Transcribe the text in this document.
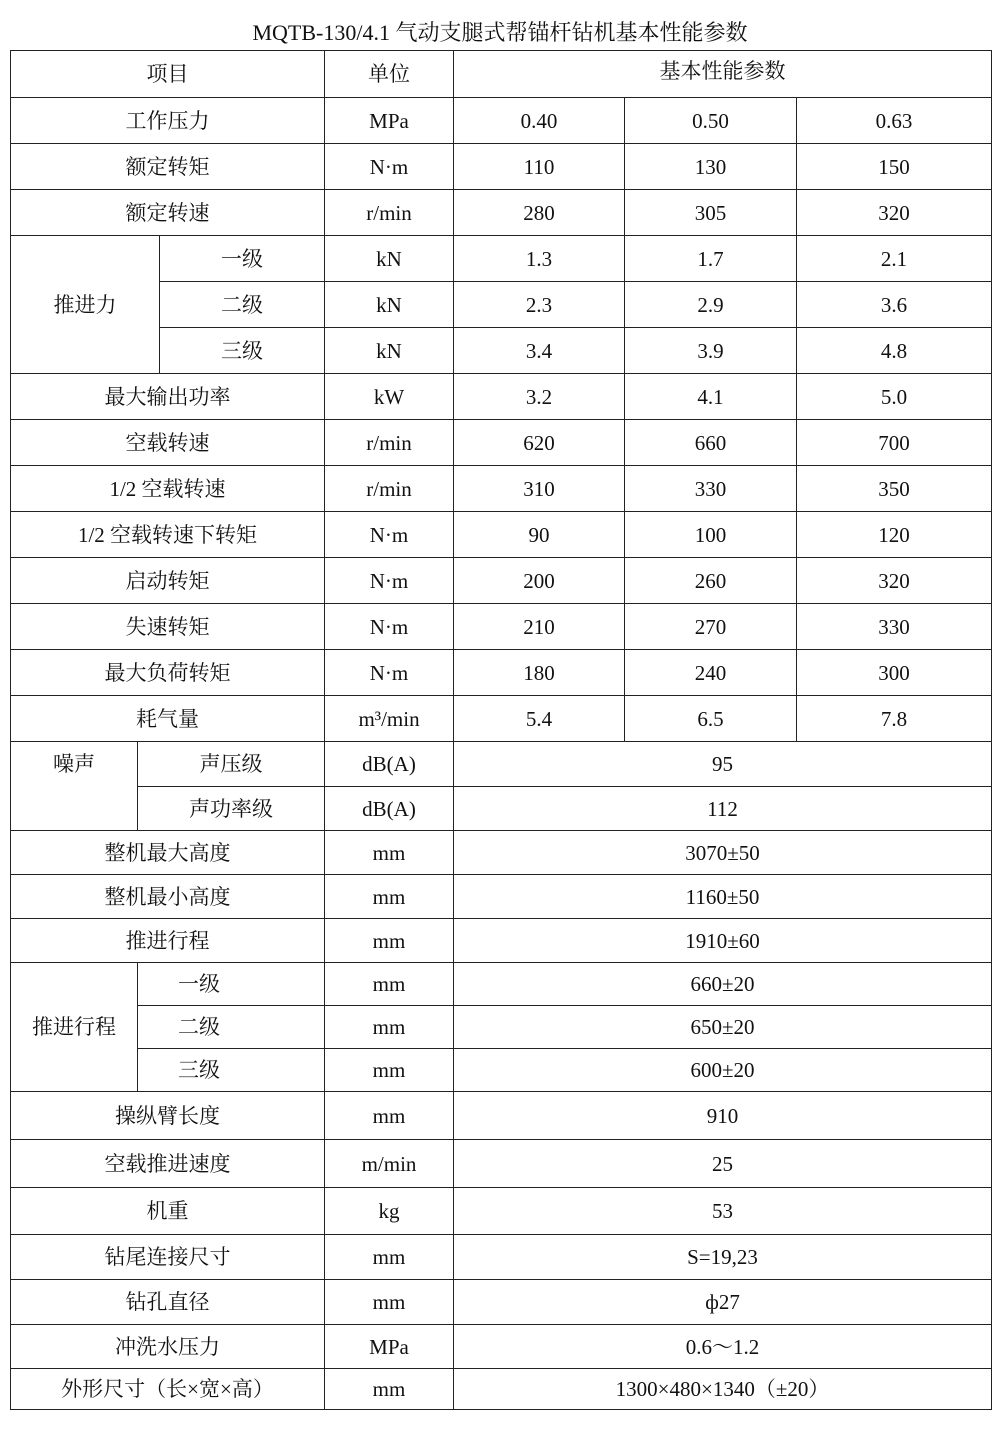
MQTB-130/4.1 气动支腿式帮锚杆钻机基本性能参数
项目			单位	基本性能参数		
工作压力			MPa	0.40	0.50	0.63
额定转矩			N·m	110	130	150
额定转速			r/min	280	305	320
推进力		一级	kN	1.3	1.7	2.1
		二级	kN	2.3	2.9	3.6
		三级	kN	3.4	3.9	4.8
最大输出功率			kW	3.2	4.1	5.0
空载转速			r/min	620	660	700
1/2 空载转速			r/min	310	330	350
1/2 空载转速下转矩			N·m	90	100	120
启动转矩			N·m	200	260	320
失速转矩			N·m	210	270	330
最大负荷转矩			N·m	180	240	300
耗气量			m³/min	5.4	6.5	7.8
噪声	声压级		dB(A)	95		
	声功率级		dB(A)	112		
整机最大高度			mm	3070±50		
整机最小高度			mm	1160±50		
推进行程			mm	1910±60		
推进行程	一级		mm	660±20		
	二级		mm	650±20		
	三级		mm	600±20		
操纵臂长度			mm	910		
空载推进速度			m/min	25		
机重			kg	53		
钻尾连接尺寸			mm	S=19,23		
钻孔直径			mm	ф27		
冲洗水压力			MPa	0.6～1.2		
外形尺寸（长×宽×高）			mm	1300×480×1340（±20）		
